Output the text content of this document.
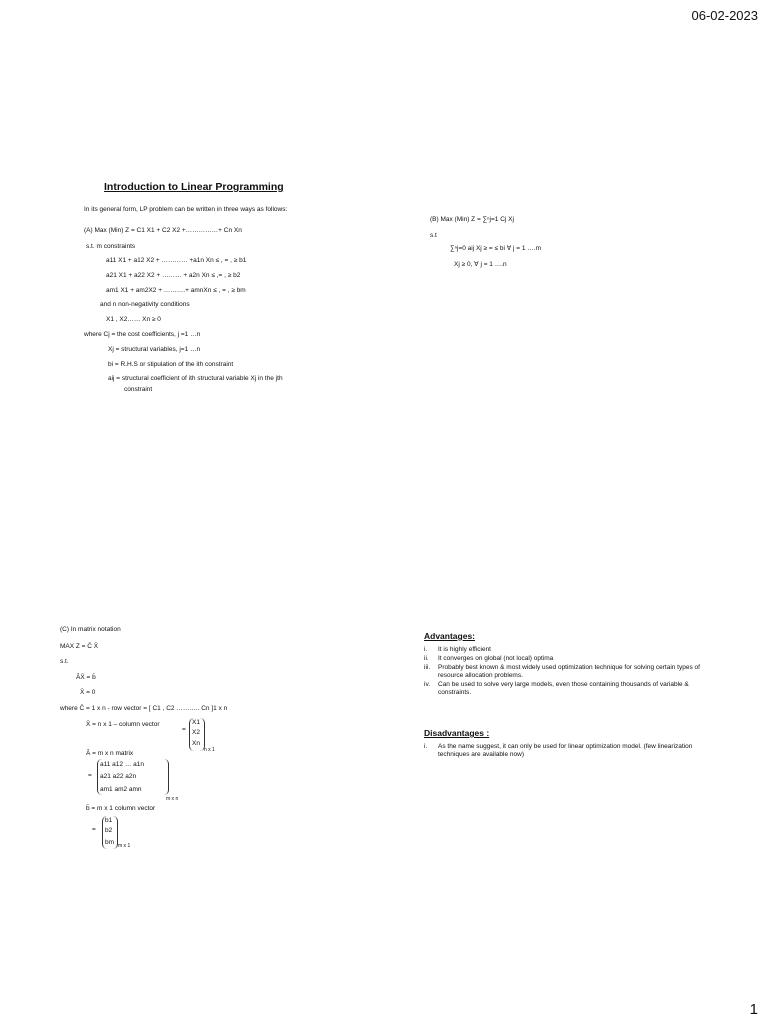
06-02-2023
1
Introduction to Linear Programming
In its general form, LP problem can be written in three ways as follows:
(A) Max (Min) Z = C1 X1 + C2 X2 +……………+ Cn Xn
s.t. m constraints
a11 X1 + a12 X2 + ………… +a1n Xn ≤ , = , ≥ b1
a21 X1 + a22 X2 + ……… + a2n Xn ≤ ,= , ≥ b2
am1 X1 + am2X2 + ……….+ amnXn ≤ , = , ≥ bm
and n non-negativity conditions
X1 , X2…… Xn ≥ 0
where Cj = the cost coefficients, j =1 …n
Xj = structural variables, j=1 …n
bi = R.H.S or stipulation of the ith constraint
aij = structural coefficient of ith structural variable Xj in the jth
constraint
(B) Max (Min) Z = ∑ⁿj=1 Cj Xj
s.t
∑ⁿj=0 aij Xj ≥ = ≤ bi ∀ j = 1 ….m
Xj ≥ 0, ∀ j = 1 ….n
(C) In matrix notation
MAX Z = C̄ X̄
s.t.
ĀX̄ = b̄
X̄ = 0
where C̄ = 1 x n - row vector = [ C1 , C2 ……….. Cn ]1 x n
X̄ = n x 1 – column vector
=
X1
X2
Xn
n x 1
Ā = m x n matrix
=
a11 a12 … a1n
a21 a22 a2n
am1 am2 amn
m x n
b̄ = m x 1 column vector
=
b1
b2
bm m x 1
Advantages:
i. It is highly efficient
ii. It converges on global (not local) optima
iii. Probably best known & most widely used optimization technique for solving certain types of resource allocation problems.
iv. Can be used to solve very large models, even those containing thousands of variable & constraints.
Disadvantages :
i. As the name suggest, it can only be used for linear optimization model. (few linearization techniques are available now)
